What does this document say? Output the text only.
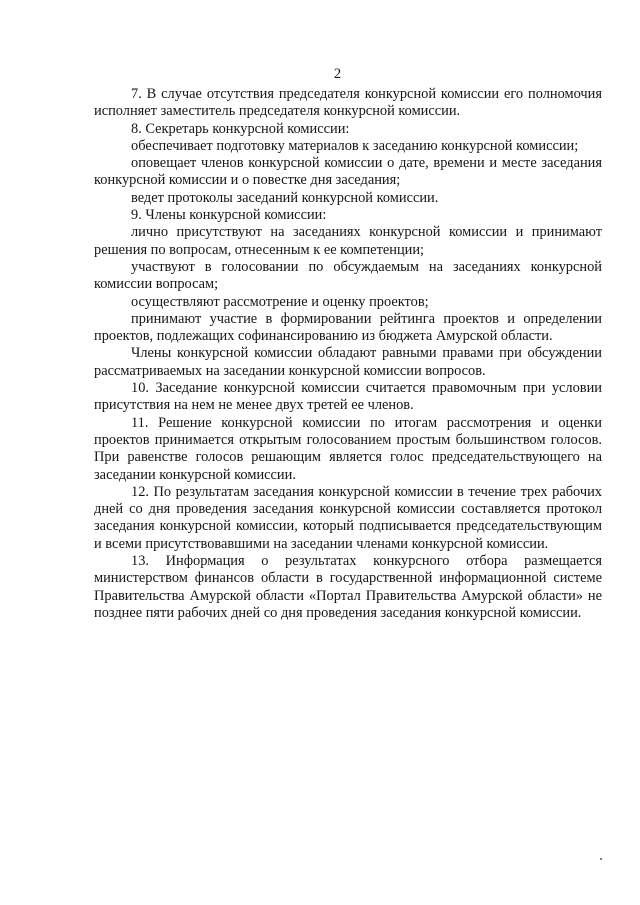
2

7. В случае отсутствия председателя конкурсной комиссии его полномочия исполняет заместитель председателя конкурсной комиссии.

8. Секретарь конкурсной комиссии:

обеспечивает подготовку материалов к заседанию конкурсной комиссии;

оповещает членов конкурсной комиссии о дате, времени и месте заседания конкурсной комиссии и о повестке дня заседания;

ведет протоколы заседаний конкурсной комиссии.

9. Члены конкурсной комиссии:

лично присутствуют на заседаниях конкурсной комиссии и принимают решения по вопросам, отнесенным к ее компетенции;

участвуют в голосовании по обсуждаемым на заседаниях конкурсной комиссии вопросам;

осуществляют рассмотрение и оценку проектов;

принимают участие в формировании рейтинга проектов и определении проектов, подлежащих софинансированию из бюджета Амурской области.

Члены конкурсной комиссии обладают равными правами при обсуждении рассматриваемых на заседании конкурсной комиссии вопросов.

10. Заседание конкурсной комиссии считается правомочным при условии присутствия на нем не менее двух третей ее членов.

11. Решение конкурсной комиссии по итогам рассмотрения и оценки проектов принимается открытым голосованием простым большинством голосов. При равенстве голосов решающим является голос председательствующего на заседании конкурсной комиссии.

12. По результатам заседания конкурсной комиссии в течение трех рабочих дней со дня проведения заседания конкурсной комиссии составляется протокол заседания конкурсной комиссии, который подписывается председательствующим и всеми присутствовавшими на заседании членами конкурсной комиссии.

13. Информация о результатах конкурсного отбора размещается министерством финансов области в государственной информационной системе Правительства Амурской области «Портал Правительства Амурской области» не позднее пяти рабочих дней со дня проведения заседания конкурсной комиссии.
